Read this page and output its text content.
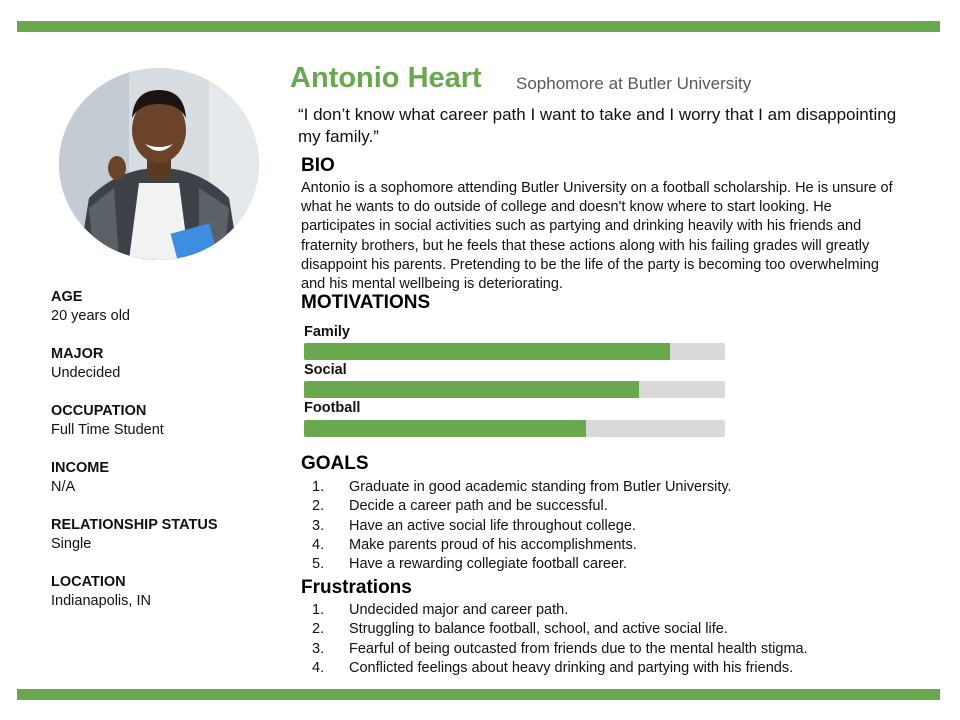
Antonio Heart Sophomore at Butler University
“I don’t know what career path I want to take and I worry that I am disappointing my family.”
BIO
Antonio is a sophomore attending Butler University on a football scholarship. He is unsure of what he wants to do outside of college and doesn't know where to start looking. He participates in social activities such as partying and drinking heavily with his friends and fraternity brothers, but he feels that these actions along with his failing grades will greatly disappoint his parents. Pretending to be the life of the party is becoming too overwhelming and his mental wellbeing is deteriorating.
MOTIVATIONS
Family
Social
Football
GOALS
1. Graduate in good academic standing from Butler University.
2. Decide a career path and be successful.
3. Have an active social life throughout college.
4. Make parents proud of his accomplishments.
5. Have a rewarding collegiate football career.
Frustrations
1. Undecided major and career path.
2. Struggling to balance football, school, and active social life.
3. Fearful of being outcasted from friends due to the mental health stigma.
4. Conflicted feelings about heavy drinking and partying with his friends.
AGE
20 years old
MAJOR
Undecided
OCCUPATION
Full Time Student
INCOME
N/A
RELATIONSHIP STATUS
Single
LOCATION
Indianapolis, IN
